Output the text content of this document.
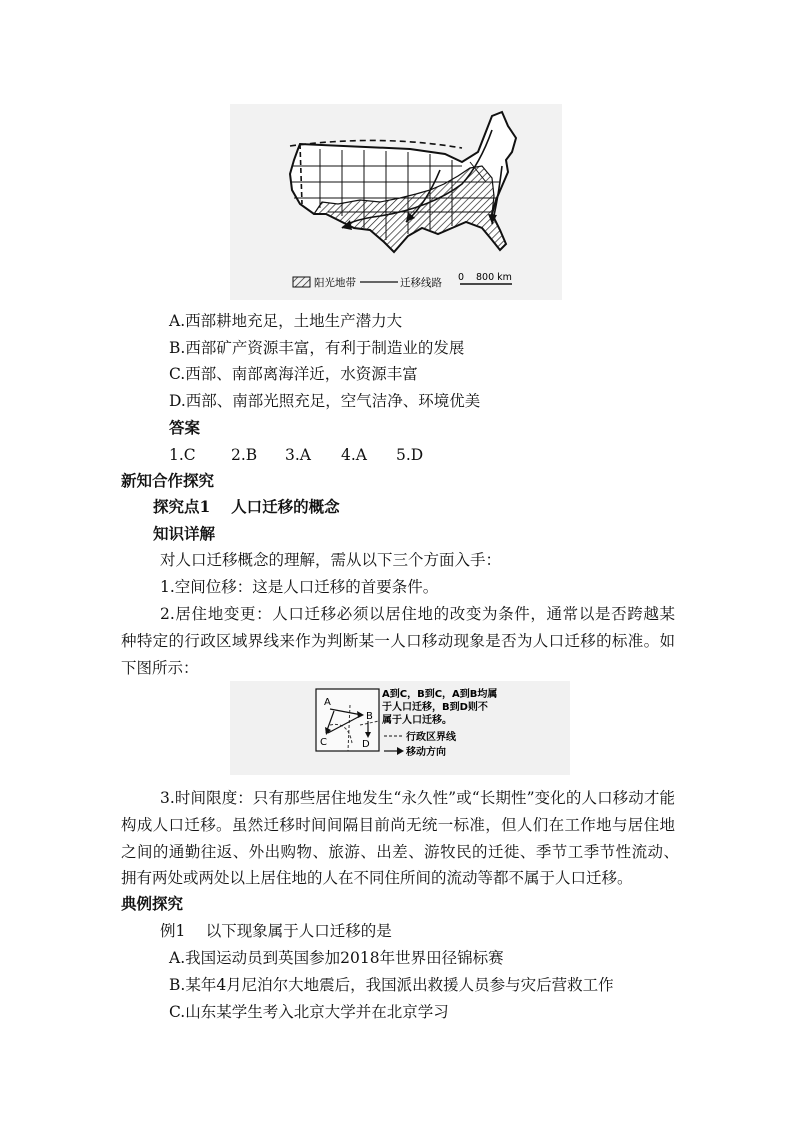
阳光地带	迁移线路 0 800 km
A.西部耕地充足，土地生产潜力大
B.西部矿产资源丰富，有利于制造业的发展
C.西部、南部离海洋近，水资源丰富
D.西部、南部光照充足，空气洁净、环境优美
答案
1.C 2.B 3.A 4.A 5.D
新知合作探究
探究点1　 人口迁移的概念
知识详解
对人口迁移概念的理解，需从以下三个方面入手：
1.空间位移：这是人口迁移的首要条件。
2.居住地变更：人口迁移必须以居住地的改变为条件，通常以是否跨越某
种特定的行政区域界线来作为判断某一人口移动现象是否为人口迁移的标准。如
下图所示：
A
B
C	D
A到C，B到C，A到B均属
于人口迁移，B到D则不
属于人口迁移。
行政区界线
移动方向
3.时间限度：只有那些居住地发生“永久性”或“长期性”变化的人口移动才能
构成人口迁移。虽然迁移时间间隔目前尚无统一标准，但人们在工作地与居住地
之间的通勤往返、外出购物、旅游、出差、游牧民的迁徙、季节工季节性流动、
拥有两处或两处以上居住地的人在不同住所间的流动等都不属于人口迁移。
典例探究
例1　 以下现象属于人口迁移的是
A.我国运动员到英国参加2018年世界田径锦标赛
B.某年4月尼泊尔大地震后，我国派出救援人员参与灾后营救工作
C.山东某学生考入北京大学并在北京学习
